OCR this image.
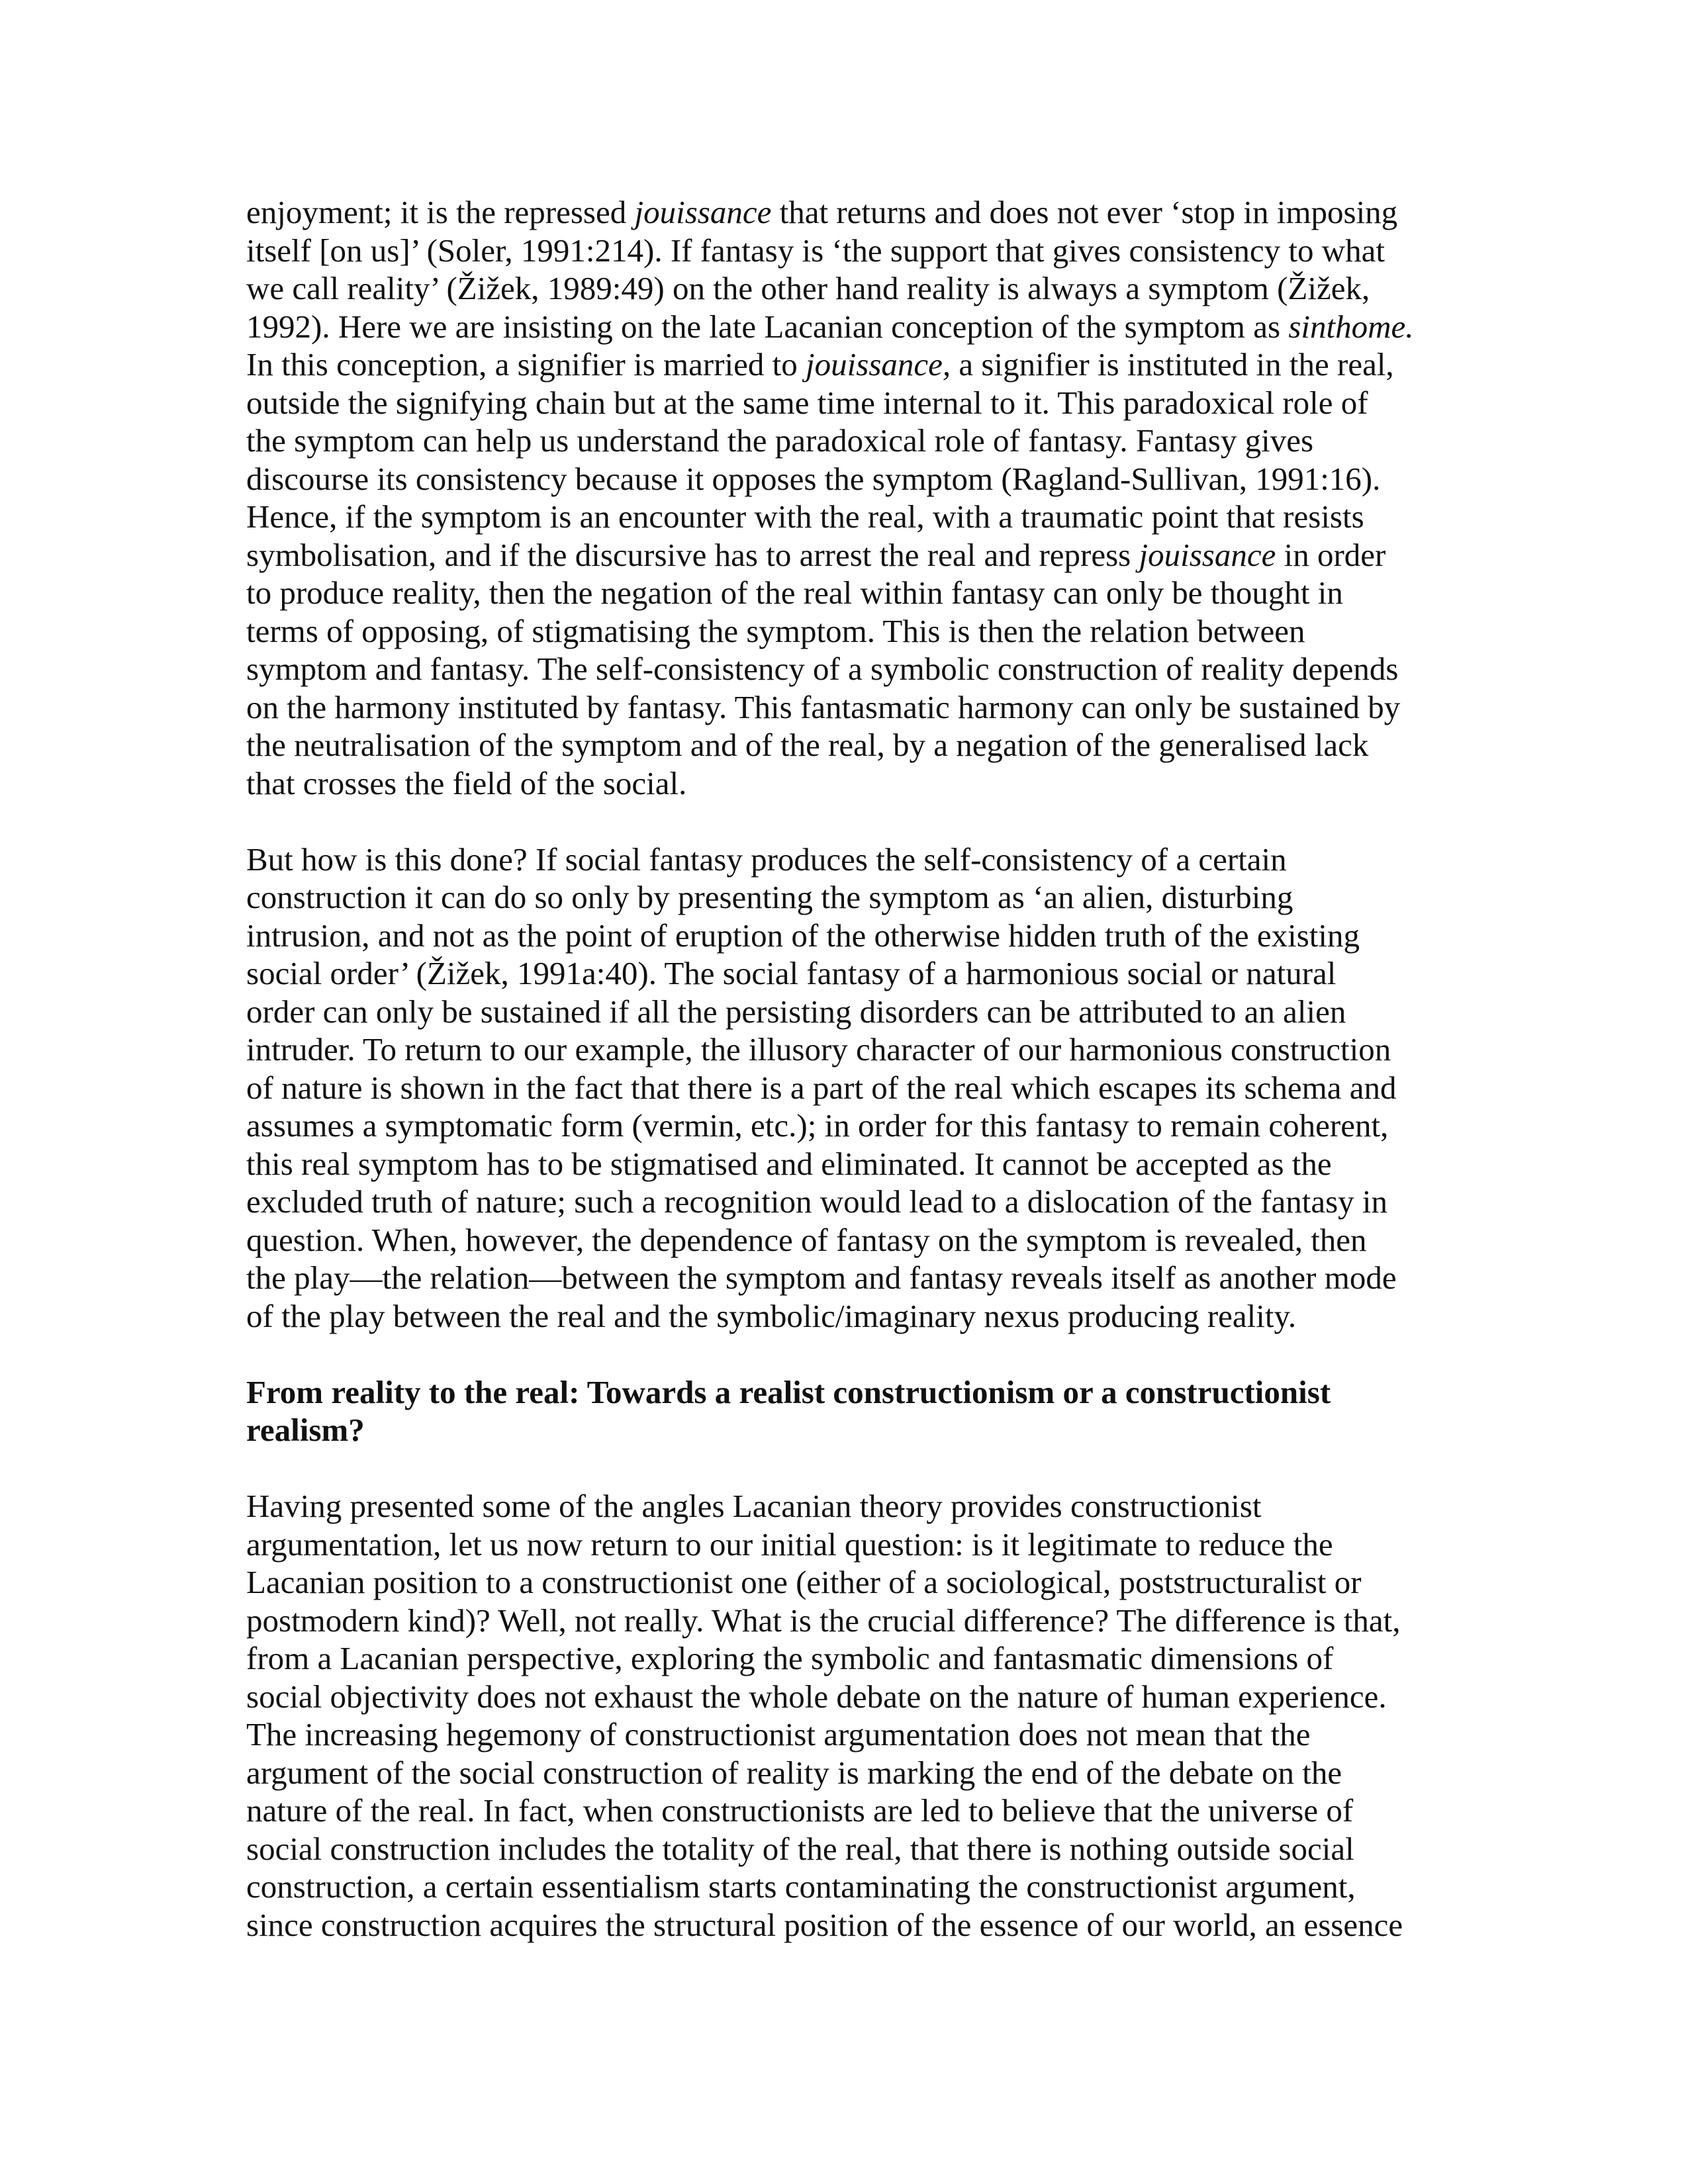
enjoyment; it is the repressed jouissance that returns and does not ever ‘stop in imposing
itself [on us]’ (Soler, 1991:214). If fantasy is ‘the support that gives consistency to what
we call reality’ (Žižek, 1989:49) on the other hand reality is always a symptom (Žižek,
1992). Here we are insisting on the late Lacanian conception of the symptom as sinthome.
In this conception, a signifier is married to jouissance, a signifier is instituted in the real,
outside the signifying chain but at the same time internal to it. This paradoxical role of
the symptom can help us understand the paradoxical role of fantasy. Fantasy gives
discourse its consistency because it opposes the symptom (Ragland-Sullivan, 1991:16).
Hence, if the symptom is an encounter with the real, with a traumatic point that resists
symbolisation, and if the discursive has to arrest the real and repress jouissance in order
to produce reality, then the negation of the real within fantasy can only be thought in
terms of opposing, of stigmatising the symptom. This is then the relation between
symptom and fantasy. The self-consistency of a symbolic construction of reality depends
on the harmony instituted by fantasy. This fantasmatic harmony can only be sustained by
the neutralisation of the symptom and of the real, by a negation of the generalised lack
that crosses the field of the social.
But how is this done? If social fantasy produces the self-consistency of a certain
construction it can do so only by presenting the symptom as ‘an alien, disturbing
intrusion, and not as the point of eruption of the otherwise hidden truth of the existing
social order’ (Žižek, 1991a:40). The social fantasy of a harmonious social or natural
order can only be sustained if all the persisting disorders can be attributed to an alien
intruder. To return to our example, the illusory character of our harmonious construction
of nature is shown in the fact that there is a part of the real which escapes its schema and
assumes a symptomatic form (vermin, etc.); in order for this fantasy to remain coherent,
this real symptom has to be stigmatised and eliminated. It cannot be accepted as the
excluded truth of nature; such a recognition would lead to a dislocation of the fantasy in
question. When, however, the dependence of fantasy on the symptom is revealed, then
the play—the relation—between the symptom and fantasy reveals itself as another mode
of the play between the real and the symbolic/imaginary nexus producing reality.
From reality to the real: Towards a realist constructionism or a constructionist
realism?
Having presented some of the angles Lacanian theory provides constructionist
argumentation, let us now return to our initial question: is it legitimate to reduce the
Lacanian position to a constructionist one (either of a sociological, poststructuralist or
postmodern kind)? Well, not really. What is the crucial difference? The difference is that,
from a Lacanian perspective, exploring the symbolic and fantasmatic dimensions of
social objectivity does not exhaust the whole debate on the nature of human experience.
The increasing hegemony of constructionist argumentation does not mean that the
argument of the social construction of reality is marking the end of the debate on the
nature of the real. In fact, when constructionists are led to believe that the universe of
social construction includes the totality of the real, that there is nothing outside social
construction, a certain essentialism starts contaminating the constructionist argument,
since construction acquires the structural position of the essence of our world, an essence
